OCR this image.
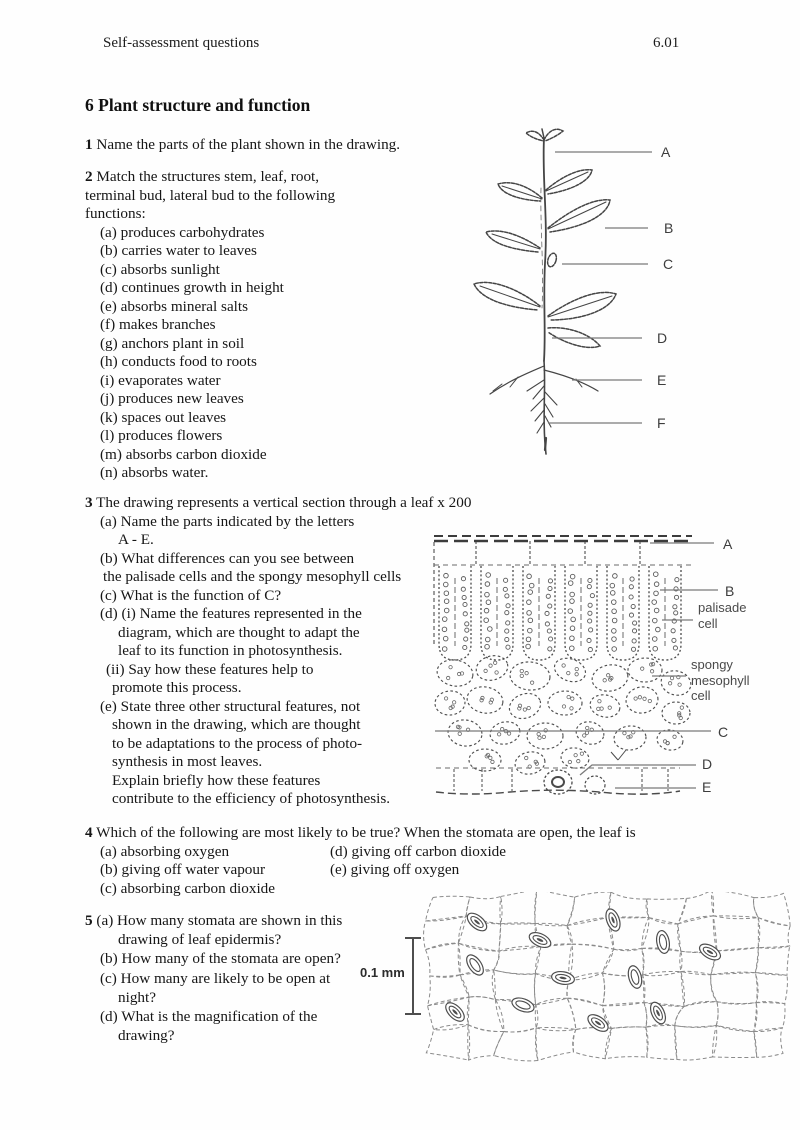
Self-assessment questions	6.01
6 Plant structure and function
1 Name the parts of the plant shown in the drawing.
2 Match the structures stem, leaf, root,
terminal bud, lateral bud to the following
functions:
(a) produces carbohydrates
(b) carries water to leaves
(c) absorbs sunlight
(d) continues growth in height
(e) absorbs mineral salts
(f) makes branches
(g) anchors plant in soil
(h) conducts food to roots
(i) evaporates water
(j) produces new leaves
(k) spaces out leaves
(l) produces flowers
(m) absorbs carbon dioxide
(n) absorbs water.
3 The drawing represents a vertical section through a leaf x 200
(a) Name the parts indicated by the letters
A - E.
(b) What differences can you see between
the palisade cells and the spongy mesophyll cells
(c) What is the function of C?
(d) (i) Name the features represented in the
diagram, which are thought to adapt the
leaf to its function in photosynthesis.
(ii) Say how these features help to
promote this process.
(e) State three other structural features, not
shown in the drawing, which are thought
to be adaptations to the process of photo-
synthesis in most leaves.
Explain briefly how these features
contribute to the efficiency of photosynthesis.
4 Which of the following are most likely to be true? When the stomata are open, the leaf is
(a) absorbing oxygen
(b) giving off water vapour
(c) absorbing carbon dioxide
(d) giving off carbon dioxide
(e) giving off oxygen
5 (a) How many stomata are shown in this
drawing of leaf epidermis?
(b) How many of the stomata are open?
(c) How many are likely to be open at
night?
(d) What is the magnification of the
drawing?
0.1 mm
A
B
C
D
E
F
A
B
palisade
cell
spongy
mesophyll
cell
C
D
E
